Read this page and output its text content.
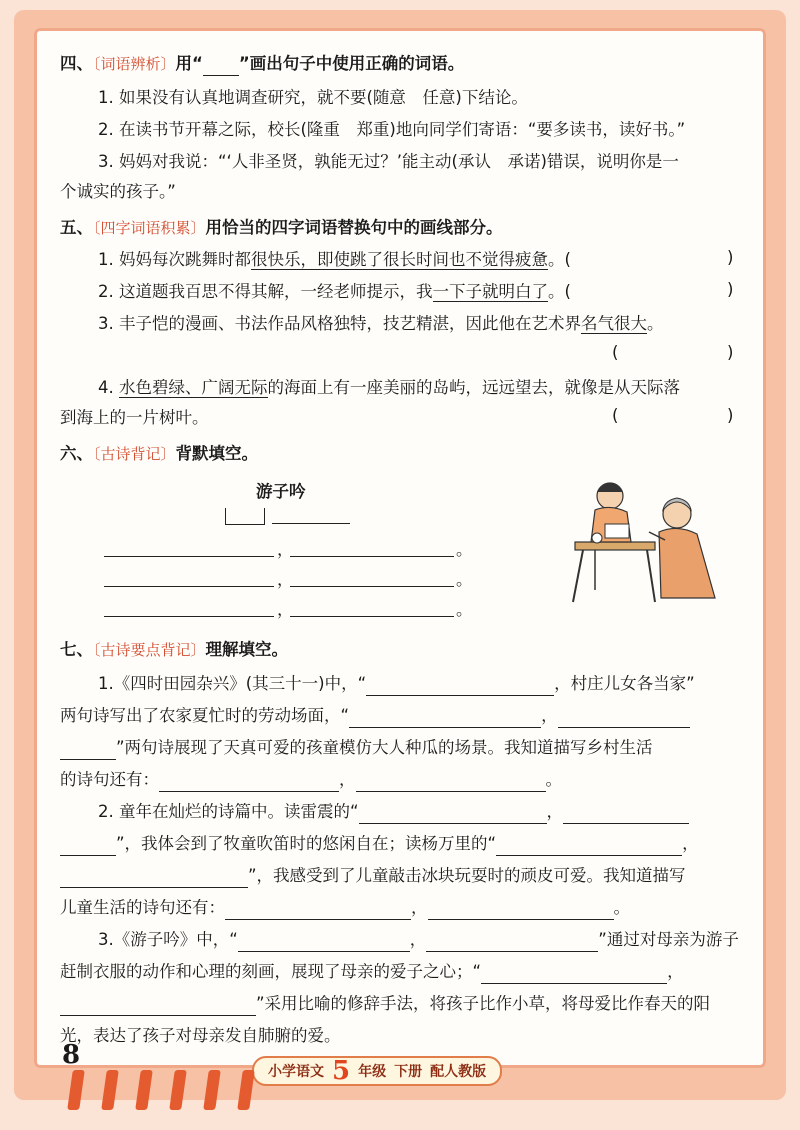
四、〔词语辨析〕用“ ”画出句子中使用正确的词语。
1. 如果没有认真地调查研究，就不要(随意　任意)下结论。
2. 在读书节开幕之际，校长(隆重　郑重)地向同学们寄语：“要多读书，读好书。”
3. 妈妈对我说：“‘人非圣贤，孰能无过？’能主动(承认　承诺)错误，说明你是一
个诚实的孩子。”
五、〔四字词语积累〕用恰当的四字词语替换句中的画线部分。
1. 妈妈每次跳舞时都很快乐，即使跳了很长时间也不觉得疲惫。(	)
2. 这道题我百思不得其解，一经老师提示，我一下子就明白了。(	)
3. 丰子恺的漫画、书法作品风格独特，技艺精湛，因此他在艺术界名气很大。
(	)
4. 水色碧绿、广阔无际的海面上有一座美丽的岛屿，远远望去，就像是从天际落
到海上的一片树叶。	(	)
六、〔古诗背记〕背默填空。
游子吟
，	。
，	。
，	。
七、〔古诗要点背记〕理解填空。
1.《四时田园杂兴》(其三十一)中，“	，村庄儿女各当家”
两句诗写出了农家夏忙时的劳动场面，“	，
”两句诗展现了天真可爱的孩童模仿大人种瓜的场景。我知道描写乡村生活
的诗句还有：	，	。
2. 童年在灿烂的诗篇中。读雷震的“	，
”，我体会到了牧童吹笛时的悠闲自在；读杨万里的“	，
”，我感受到了儿童敲击冰块玩耍时的顽皮可爱。我知道描写
儿童生活的诗句还有：	，	。
3.《游子吟》中，“	，	”通过对母亲为游子
赶制衣服的动作和心理的刻画，展现了母亲的爱子之心；“	，
”采用比喻的修辞手法，将孩子比作小草，将母爱比作春天的阳
光，表达了孩子对母亲发自肺腑的爱。
8
小学语文 5 年级 下册 配人教版
